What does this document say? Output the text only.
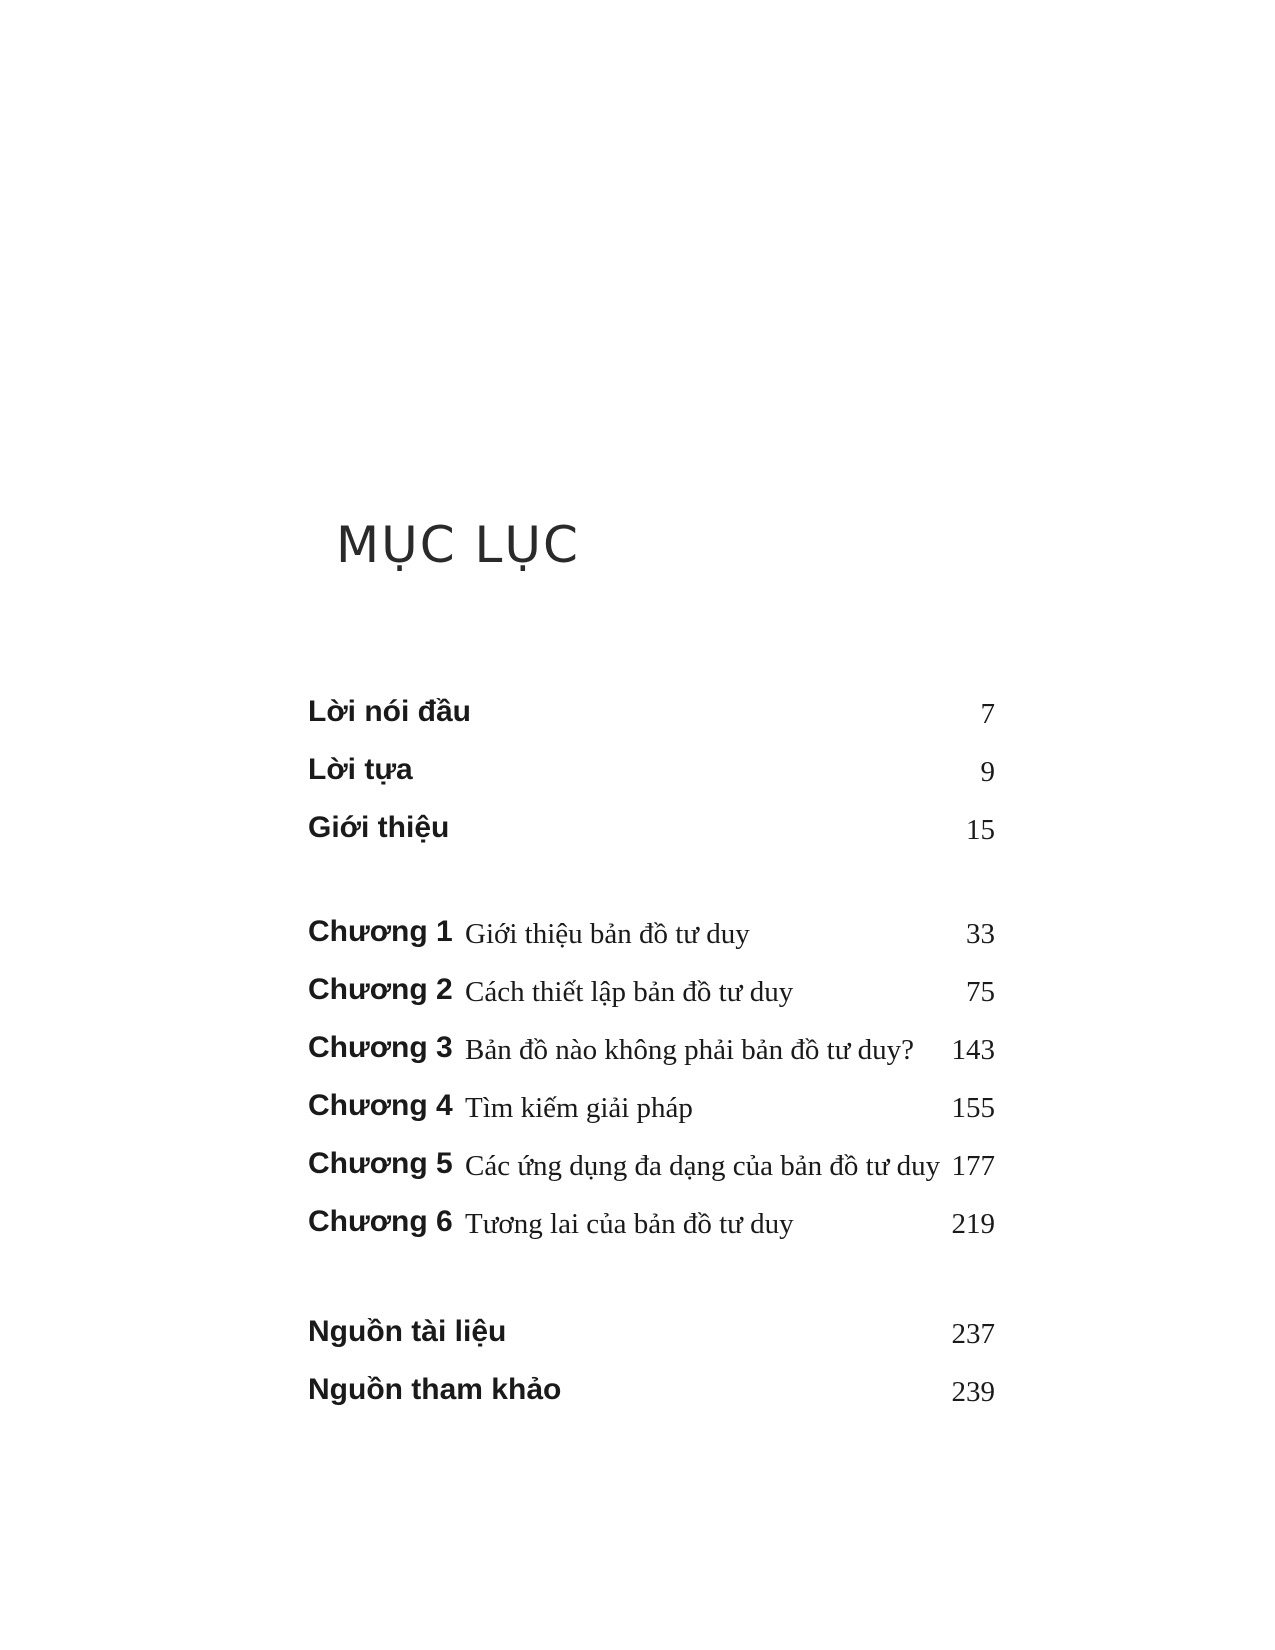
MỤC LỤC
Lời nói đầu	7
Lời tựa	9
Giới thiệu	15
Chương 1 Giới thiệu bản đồ tư duy	33
Chương 2 Cách thiết lập bản đồ tư duy	75
Chương 3 Bản đồ nào không phải bản đồ tư duy? 143
Chương 4 Tìm kiếm giải pháp	155
Chương 5 Các ứng dụng đa dạng của bản đồ tư duy 177
Chương 6 Tương lai của bản đồ tư duy	219
Nguồn tài liệu	237
Nguồn tham khảo	239
